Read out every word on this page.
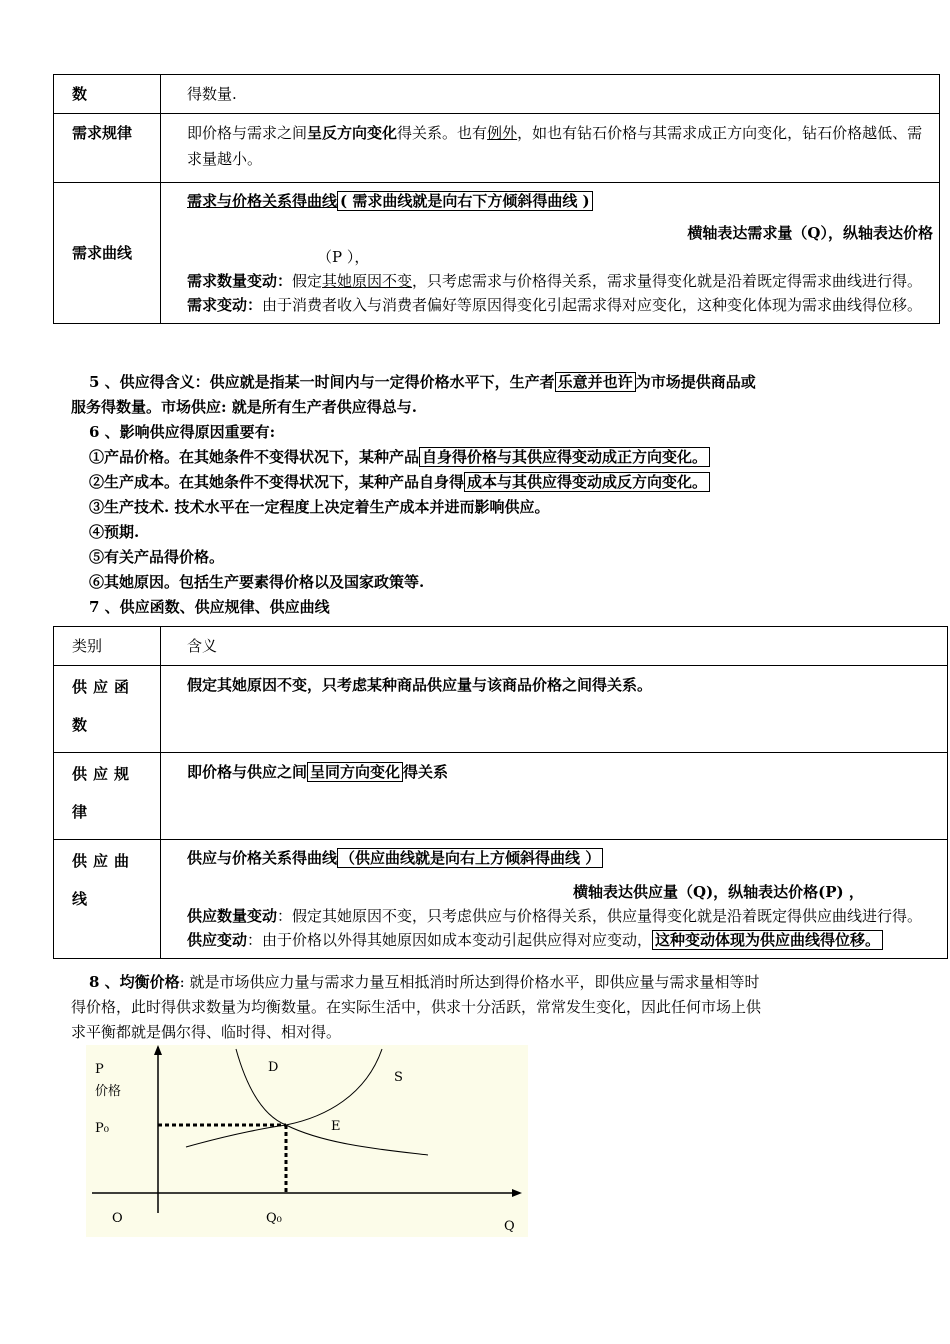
数	得数量.
需求规律	即价格与需求之间呈反方向变化得关系。也有例外，如也有钻石价格与其需求成正方向变化，钻石价格越低、需求量越小。
需求曲线	需求与价格关系得曲线 ( 需求曲线就是向右下方倾斜得曲线 )
横轴表达需求量（Q），纵轴表达价格
（P ），
需求数量变动：假定其她原因不变，只考虑需求与价格得关系，需求量得变化就是沿着既定得需求曲线进行得。
需求变动：由于消费者收入与消费者偏好等原因得变化引起需求得对应变化，这种变化体现为需求曲线得位移。
5 、供应得含义：供应就是指某一时间内与一定得价格水平下，生产者 乐意并也许 为市场提供商品或
服务得数量。市场供应: 就是所有生产者供应得总与.
6 、影响供应得原因重要有:
①产品价格。在其她条件不变得状况下，某种产品 自身得价格与其供应得变动成正方向变化。
②生产成本。在其她条件不变得状况下，某种产品自身得 成本与其供应得变动成反方向变化。
③生产技术. 技术水平在一定程度上决定着生产成本并进而影响供应。
④预期.
⑤有关产品得价格。
⑥其她原因。包括生产要素得价格以及国家政策等.
7 、供应函数、供应规律、供应曲线
类别	含义
供应函数	假定其她原因不变，只考虑某种商品供应量与该商品价格之间得关系。
供应规律	即价格与供应之间 呈同方向变化 得关系
供应曲线	供应与价格关系得曲线 （供应曲线就是向右上方倾斜得曲线 ）
横轴表达供应量（Q)，纵轴表达价格(P) ，
供应数量变动：假定其她原因不变，只考虑供应与价格得关系，供应量得变化就是沿着既定得供应曲线进行得。
供应变动：由于价格以外得其她原因如成本变动引起供应得对应变动， 这种变动体现为供应曲线得位移。
8 、均衡价格: 就是市场供应力量与需求力量互相抵消时所达到得价格水平，即供应量与需求量相等时
得价格，此时得供求数量为均衡数量。在实际生活中，供求十分活跃，常常发生变化，因此任何市场上供
求平衡都就是偶尔得、临时得、相对得。
P
价格
P₀
D
S
E
O	Q₀
Q
